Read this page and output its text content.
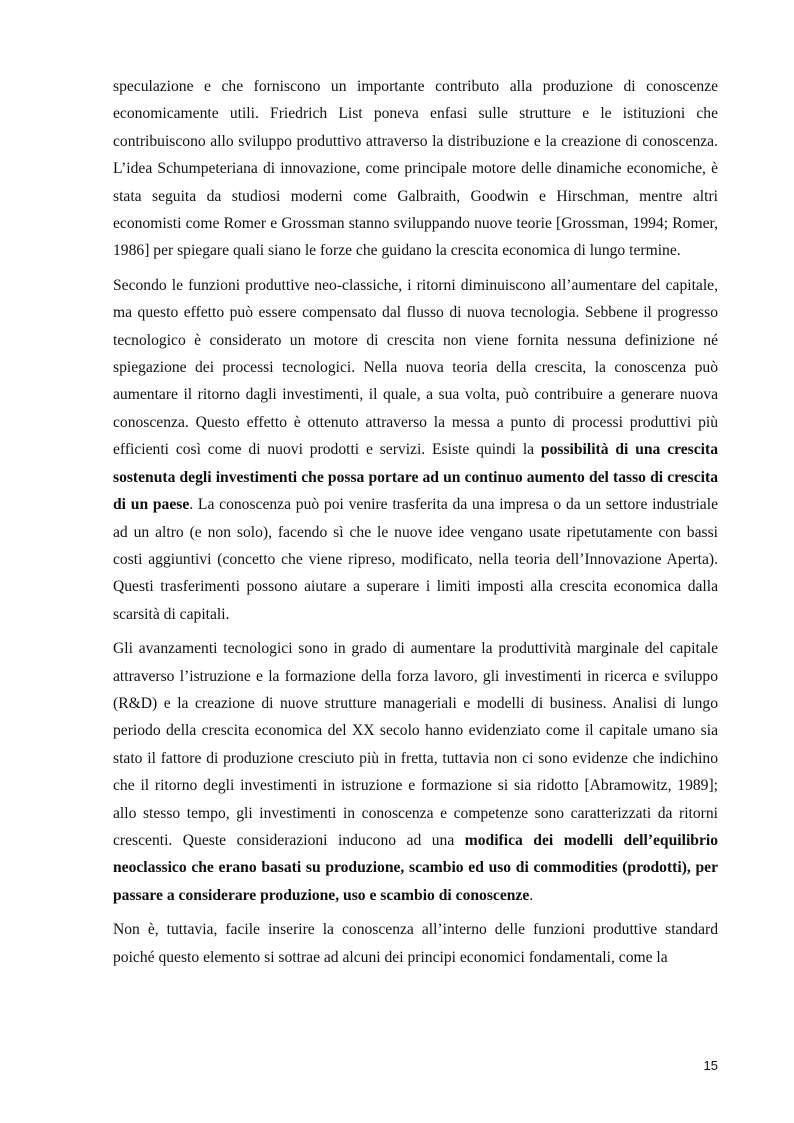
speculazione e che forniscono un importante contributo alla produzione di conoscenze economicamente utili. Friedrich List poneva enfasi sulle strutture e le istituzioni che contribuiscono allo sviluppo produttivo attraverso la distribuzione e la creazione di conoscenza. L’idea Schumpeteriana di innovazione, come principale motore delle dinamiche economiche, è stata seguita da studiosi moderni come Galbraith, Goodwin e Hirschman, mentre altri economisti come Romer e Grossman stanno sviluppando nuove teorie [Grossman, 1994; Romer, 1986] per spiegare quali siano le forze che guidano la crescita economica di lungo termine.

Secondo le funzioni produttive neo-classiche, i ritorni diminuiscono all’aumentare del capitale, ma questo effetto può essere compensato dal flusso di nuova tecnologia. Sebbene il progresso tecnologico è considerato un motore di crescita non viene fornita nessuna definizione né spiegazione dei processi tecnologici. Nella nuova teoria della crescita, la conoscenza può aumentare il ritorno dagli investimenti, il quale, a sua volta, può contribuire a generare nuova conoscenza. Questo effetto è ottenuto attraverso la messa a punto di processi produttivi più efficienti così come di nuovi prodotti e servizi. Esiste quindi la possibilità di una crescita sostenuta degli investimenti che possa portare ad un continuo aumento del tasso di crescita di un paese. La conoscenza può poi venire trasferita da una impresa o da un settore industriale ad un altro (e non solo), facendo sì che le nuove idee vengano usate ripetutamente con bassi costi aggiuntivi (concetto che viene ripreso, modificato, nella teoria dell’Innovazione Aperta). Questi trasferimenti possono aiutare a superare i limiti imposti alla crescita economica dalla scarsità di capitali.

Gli avanzamenti tecnologici sono in grado di aumentare la produttività marginale del capitale attraverso l’istruzione e la formazione della forza lavoro, gli investimenti in ricerca e sviluppo (R&D) e la creazione di nuove strutture manageriali e modelli di business. Analisi di lungo periodo della crescita economica del XX secolo hanno evidenziato come il capitale umano sia stato il fattore di produzione cresciuto più in fretta, tuttavia non ci sono evidenze che indichino che il ritorno degli investimenti in istruzione e formazione si sia ridotto [Abramowitz, 1989]; allo stesso tempo, gli investimenti in conoscenza e competenze sono caratterizzati da ritorni crescenti. Queste considerazioni inducono ad una modifica dei modelli dell’equilibrio neoclassico che erano basati su produzione, scambio ed uso di commodities (prodotti), per passare a considerare produzione, uso e scambio di conoscenze.

Non è, tuttavia, facile inserire la conoscenza all’interno delle funzioni produttive standard poiché questo elemento si sottrae ad alcuni dei principi economici fondamentali, come la

15
